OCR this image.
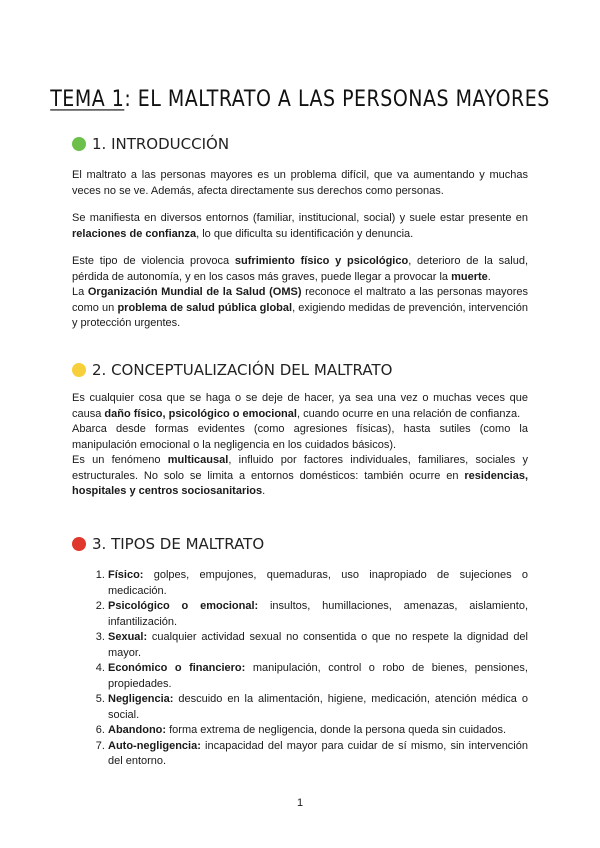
TEMA 1: EL MALTRATO A LAS PERSONAS MAYORES
1. INTRODUCCIÓN

El maltrato a las personas mayores es un problema difícil, que va aumentando y muchas veces no se ve. Además, afecta directamente sus derechos como personas.

Se manifiesta en diversos entornos (familiar, institucional, social) y suele estar presente en relaciones de confianza, lo que dificulta su identificación y denuncia.

Este tipo de violencia provoca sufrimiento físico y psicológico, deterioro de la salud, pérdida de autonomía, y en los casos más graves, puede llegar a provocar la muerte.

La Organización Mundial de la Salud (OMS) reconoce el maltrato a las personas mayores como un problema de salud pública global, exigiendo medidas de prevención, intervención y protección urgentes.

2. CONCEPTUALIZACIÓN DEL MALTRATO

Es cualquier cosa que se haga o se deje de hacer, ya sea una vez o muchas veces que causa daño físico, psicológico o emocional, cuando ocurre en una relación de confianza.

Abarca desde formas evidentes (como agresiones físicas), hasta sutiles (como la manipulación emocional o la negligencia en los cuidados básicos).

Es un fenómeno multicausal, influido por factores individuales, familiares, sociales y estructurales. No solo se limita a entornos domésticos: también ocurre en residencias, hospitales y centros sociosanitarios.

3. TIPOS DE MALTRATO
1. Físico: golpes, empujones, quemaduras, uso inapropiado de sujeciones o medicación.
2. Psicológico o emocional: insultos, humillaciones, amenazas, aislamiento, infantilización.
3. Sexual: cualquier actividad sexual no consentida o que no respete la dignidad del mayor.
4. Económico o financiero: manipulación, control o robo de bienes, pensiones, propiedades.
5. Negligencia: descuido en la alimentación, higiene, medicación, atención médica o social.
6. Abandono: forma extrema de negligencia, donde la persona queda sin cuidados.
7. Auto-negligencia: incapacidad del mayor para cuidar de sí mismo, sin intervención del entorno.
1
